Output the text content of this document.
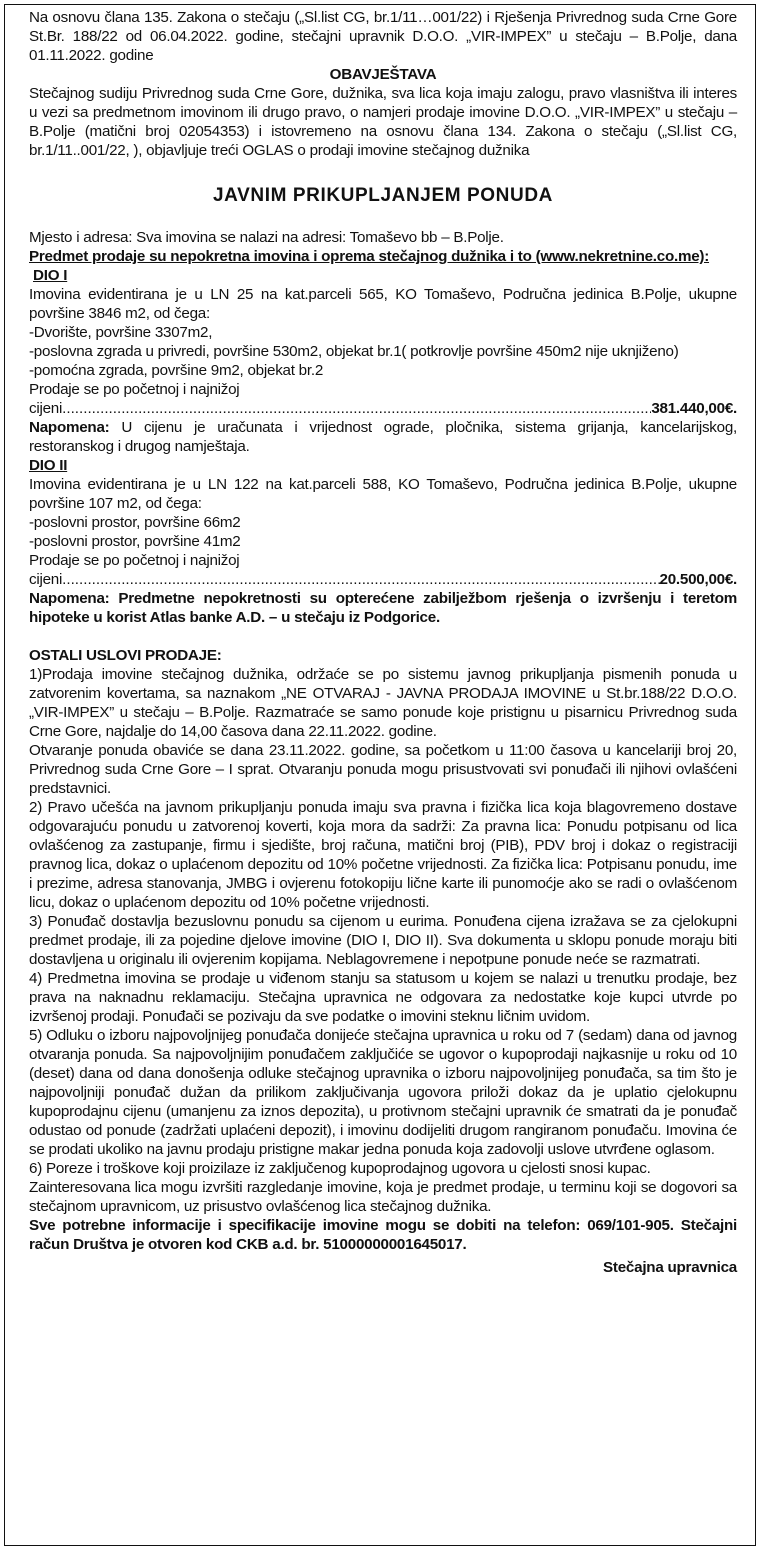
Na osnovu člana 135. Zakona o stečaju („Sl.list CG, br.1/11…001/22) i Rješenja Privrednog suda Crne Gore St.Br. 188/22 od 06.04.2022. godine, stečajni upravnik D.O.O. „VIR-IMPEX” u stečaju – B.Polje, dana 01.11.2022. godine

OBAVJEŠTAVA

Stečajnog sudiju Privrednog suda Crne Gore, dužnika, sva lica koja imaju zalogu, pravo vlasništva ili interes u vezi sa predmetnom imovinom ili drugo pravo, o namjeri prodaje imovine D.O.O. „VIR-IMPEX” u stečaju – B.Polje (matični broj 02054353) i istovremeno na osnovu člana 134. Zakona o stečaju („Sl.list CG, br.1/11..001/22, ), objavljuje treći OGLAS o prodaji imovine stečajnog dužnika

JAVNIM PRIKUPLJANJEM PONUDA

Mjesto i adresa: Sva imovina se nalazi na adresi: Tomaševo bb – B.Polje.

Predmet prodaje su nepokretna imovina i oprema stečajnog dužnika i to (www.nekretnine.co.me):

DIO I

Imovina evidentirana je u LN 25 na kat.parceli 565, KO Tomaševo, Područna jedinica B.Polje, ukupne površine 3846 m2, od čega:

-Dvorište, površine 3307m2,

-poslovna zgrada u privredi, površine 530m2, objekat br.1( potkrovlje površine 450m2 nije uknjiženo)

-pomoćna zgrada, površine 9m2, objekat br.2

Prodaje se po početnoj i najnižoj

cijeni .....	381.440,00€.

Napomena: U cijenu je uračunata i vrijednost ograde, pločnika, sistema grijanja, kancelarijskog, restoranskog i drugog namještaja.

DIO II

Imovina evidentirana je u LN 122 na kat.parceli 588, KO Tomaševo, Područna jedinica B.Polje, ukupne površine 107 m2, od čega:

-poslovni prostor, površine 66m2

-poslovni prostor, površine 41m2

Prodaje se po početnoj i najnižoj

cijeni .....	20.500,00€.

Napomena: Predmetne nepokretnosti su opterećene zabilježbom rješenja o izvršenju i teretom hipoteke u korist Atlas banke A.D. – u stečaju iz Podgorice.

OSTALI USLOVI PRODAJE:

1)Prodaja imovine stečajnog dužnika, održaće se po sistemu javnog prikupljanja pismenih ponuda u zatvorenim kovertama, sa naznakom „NE OTVARAJ - JAVNA PRODAJA IMOVINE u St.br.188/22 D.O.O. „VIR-IMPEX” u stečaju – B.Polje. Razmatraće se samo ponude koje pristignu u pisarnicu Privrednog suda Crne Gore, najdalje do 14,00 časova dana 22.11.2022. godine.

Otvaranje ponuda obaviće se dana 23.11.2022. godine, sa početkom u 11:00 časova u kancelariji broj 20, Privrednog suda Crne Gore – I sprat. Otvaranju ponuda mogu prisustvovati svi ponuđači ili njihovi ovlašćeni predstavnici.

2) Pravo učešća na javnom prikupljanju ponuda imaju sva pravna i fizička lica koja blagovremeno dostave odgovarajuću ponudu u zatvorenoj koverti, koja mora da sadrži: Za pravna lica: Ponudu potpisanu od lica ovlašćenog za zastupanje, firmu i sjedište, broj računa, matični broj (PIB), PDV broj i dokaz o registraciji pravnog lica, dokaz o uplaćenom depozitu od 10% početne vrijednosti. Za fizička lica: Potpisanu ponudu, ime i prezime, adresa stanovanja, JMBG i ovjerenu fotokopiju lične karte ili punomoćje ako se radi o ovlašćenom licu, dokaz o uplaćenom depozitu od 10% početne vrijednosti.

3) Ponuđač dostavlja bezuslovnu ponudu sa cijenom u eurima. Ponuđena cijena izražava se za cjelokupni predmet prodaje, ili za pojedine djelove imovine (DIO I, DIO II). Sva dokumenta u sklopu ponude moraju biti dostavljena u originalu ili ovjerenim kopijama. Neblagovremene i nepotpune ponude neće se razmatrati.

4) Predmetna imovina se prodaje u viđenom stanju sa statusom u kojem se nalazi u trenutku prodaje, bez prava na naknadnu reklamaciju. Stečajna upravnica ne odgovara za nedostatke koje kupci utvrde po izvršenoj prodaji. Ponuđači se pozivaju da sve podatke o imovini steknu ličnim uvidom.

5) Odluku o izboru najpovoljnijeg ponuđača donijeće stečajna upravnica u roku od 7 (sedam) dana od javnog otvaranja ponuda. Sa najpovoljnijim ponuđačem zaključiće se ugovor o kupoprodaji najkasnije u roku od 10 (deset) dana od dana donošenja odluke stečajnog upravnika o izboru najpovoljnijeg ponuđača, sa tim što je najpovoljniji ponuđač dužan da prilikom zaključivanja ugovora priloži dokaz da je uplatio cjelokupnu kupoprodajnu cijenu (umanjenu za iznos depozita), u protivnom stečajni upravnik će smatrati da je ponuđač odustao od ponude (zadržati uplaćeni depozit), i imovinu dodijeliti drugom rangiranom ponuđaču. Imovina će se prodati ukoliko na javnu prodaju pristigne makar jedna ponuda koja zadovolji uslove utvrđene oglasom.

6) Poreze i troškove koji proizilaze iz zaključenog kupoprodajnog ugovora u cjelosti snosi kupac.

Zainteresovana lica mogu izvršiti razgledanje imovine, koja je predmet prodaje, u terminu koji se dogovori sa stečajnom upravnicom, uz prisustvo ovlašćenog lica stečajnog dužnika.

Sve potrebne informacije i specifikacije imovine mogu se dobiti na telefon: 069/101-905. Stečajni račun Društva je otvoren kod CKB a.d. br. 51000000001645017.

Stečajna upravnica
